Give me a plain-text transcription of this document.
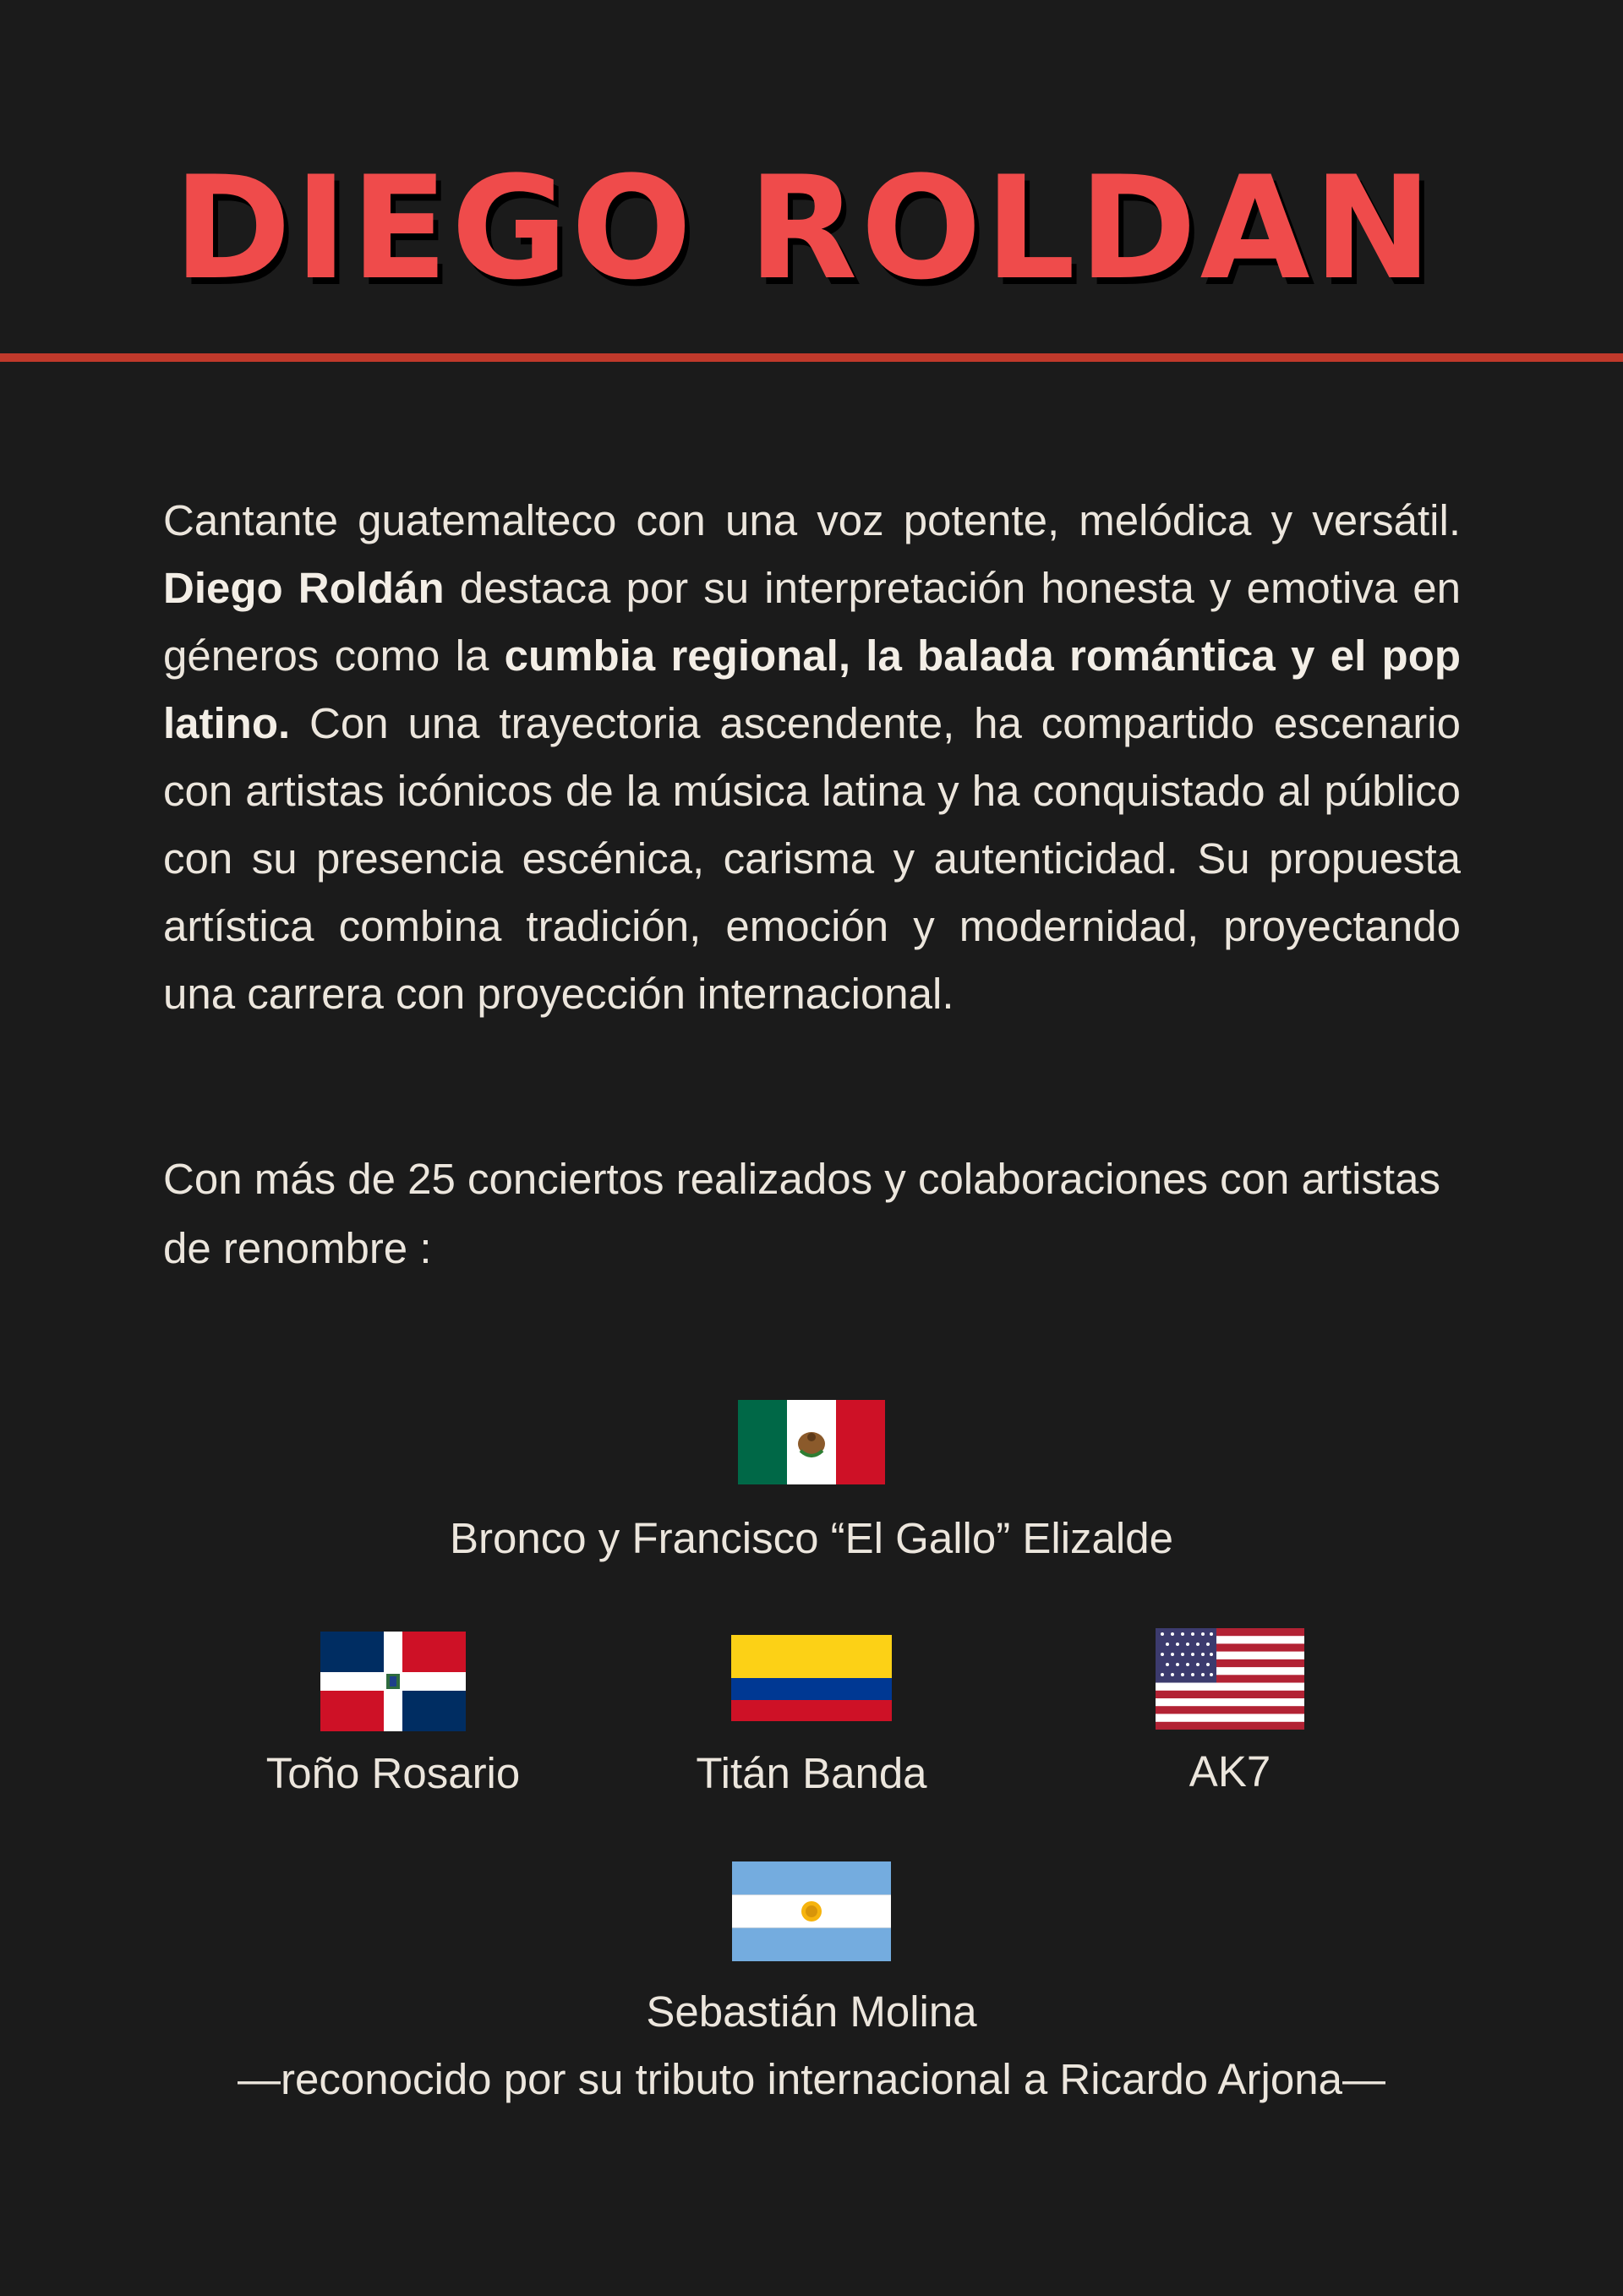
DIEGO ROLDAN

Cantante guatemalteco con una voz potente, melódica y versátil. Diego Roldán destaca por su interpretación honesta y emotiva en géneros como la cumbia regional, la balada romántica y el pop latino. Con una trayectoria ascendente, ha compartido escenario con artistas icónicos de la música latina y ha conquistado al público con su presencia escénica, carisma y autenticidad. Su propuesta artística combina tradición, emoción y modernidad, proyectando una carrera con proyección internacional.

Con más de 25 conciertos realizados y colaboraciones con artistas de renombre :

Bronco y Francisco “El Gallo” Elizalde
Toño Rosario	Titán Banda	AK7
Sebastián Molina
—reconocido por su tributo internacional a Ricardo Arjona—
